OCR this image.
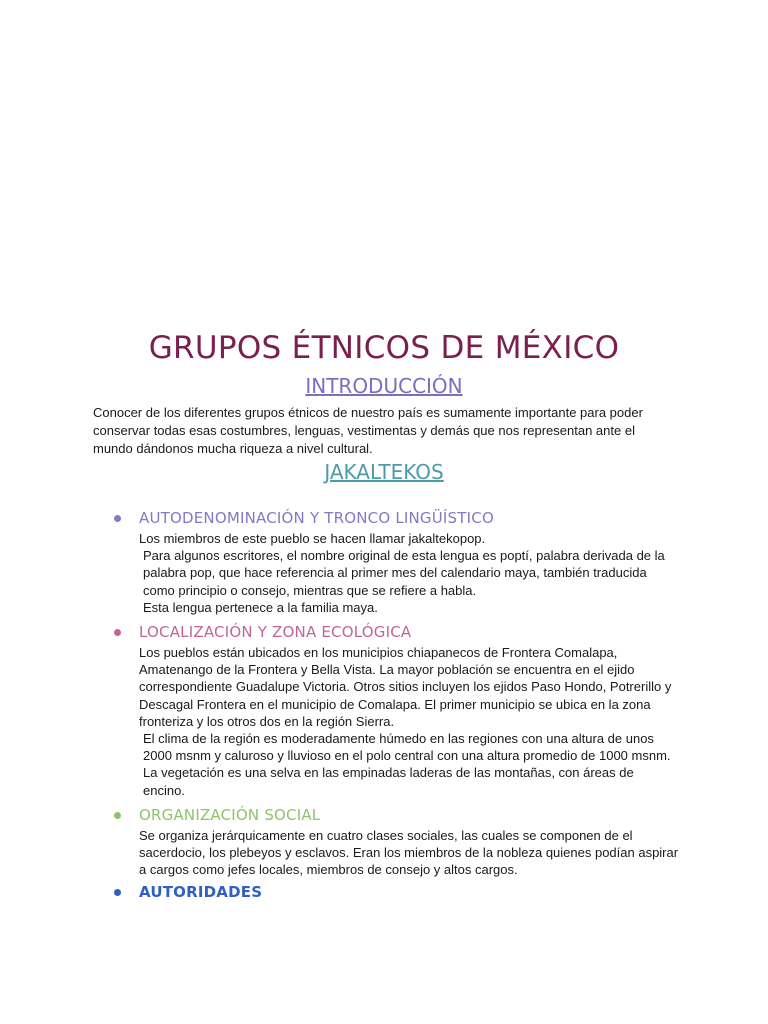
GRUPOS ÉTNICOS DE MÉXICO
INTRODUCCIÓN

Conocer de los diferentes grupos étnicos de nuestro país es sumamente importante para poder conservar todas esas costumbres, lenguas, vestimentas y demás que nos representan ante el mundo dándonos mucha riqueza a nivel cultural.

JAKALTEKOS
AUTODENOMINACIÓN Y TRONCO LINGÜÍSTICO

Los miembros de este pueblo se hacen llamar jakaltekopop.

Para algunos escritores, el nombre original de esta lengua es poptí, palabra derivada de la palabra pop, que hace referencia al primer mes del calendario maya, también traducida como principio o consejo, mientras que se refiere a habla.

Esta lengua pertenece a la familia maya.

LOCALIZACIÓN Y ZONA ECOLÓGICA

Los pueblos están ubicados en los municipios chiapanecos de Frontera Comalapa, Amatenango de la Frontera y Bella Vista. La mayor población se encuentra en el ejido correspondiente Guadalupe Victoria. Otros sitios incluyen los ejidos Paso Hondo, Potrerillo y Descagal Frontera en el municipio de Comalapa. El primer municipio se ubica en la zona fronteriza y los otros dos en la región Sierra.

El clima de la región es moderadamente húmedo en las regiones con una altura de unos 2000 msnm y caluroso y lluvioso en el polo central con una altura promedio de 1000 msnm. La vegetación es una selva en las empinadas laderas de las montañas, con áreas de encino.

ORGANIZACIÓN SOCIAL

Se organiza jerárquicamente en cuatro clases sociales, las cuales se componen de el sacerdocio, los plebeyos y esclavos. Eran los miembros de la nobleza quienes podían aspirar a cargos como jefes locales, miembros de consejo y altos cargos.

AUTORIDADES
